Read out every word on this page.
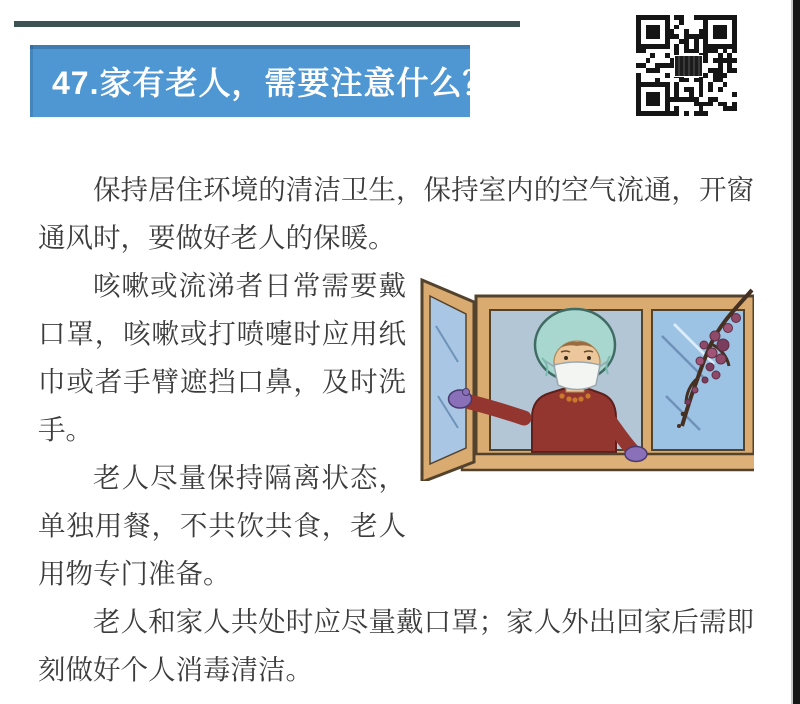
47.家有老人，需要注意什么？

保持居住环境的清洁卫生，保持室内的空气流通，开窗通风时，要做好老人的保暖。

咳嗽或流涕者日常需要戴口罩，咳嗽或打喷嚏时应用纸巾或者手臂遮挡口鼻，及时洗手。

老人尽量保持隔离状态，单独用餐，不共饮共食，老人用物专门准备。

老人和家人共处时应尽量戴口罩；家人外出回家后需即刻做好个人消毒清洁。
